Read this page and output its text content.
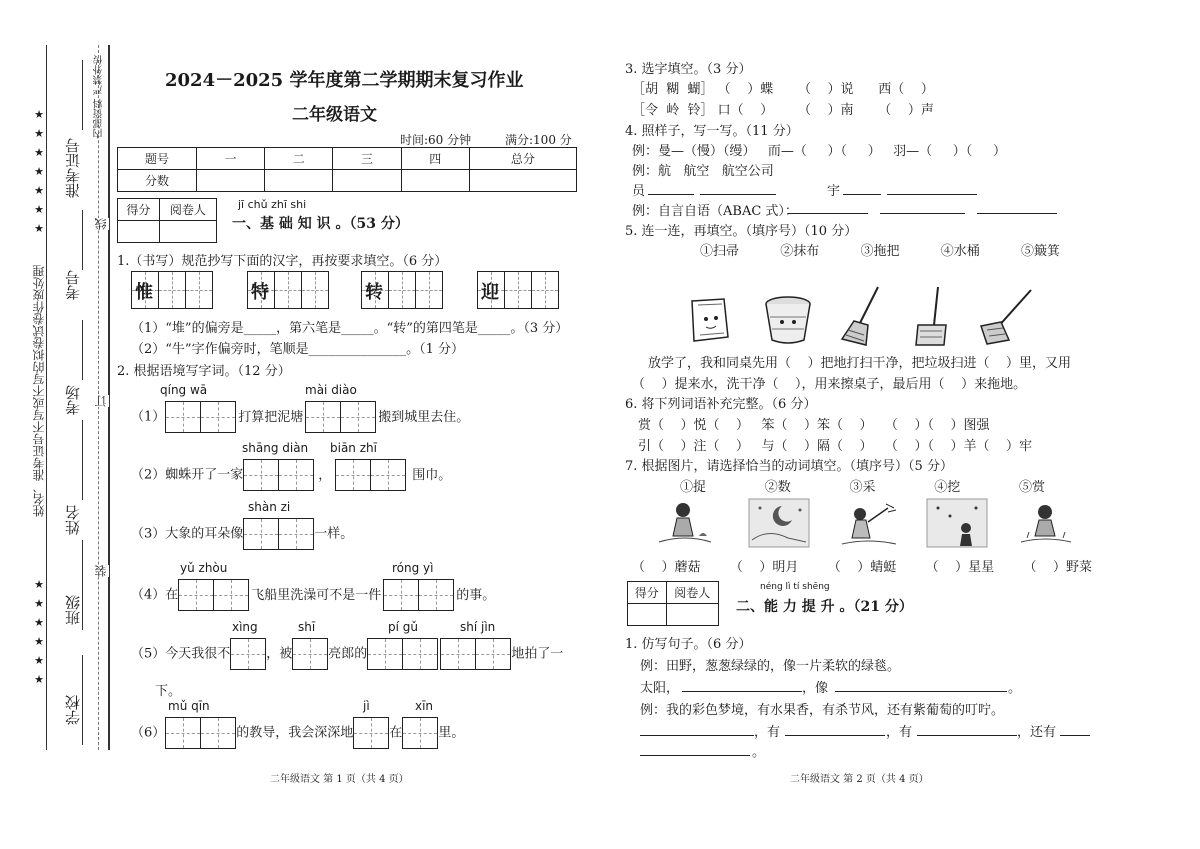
★
★
★
★
★
★
★
★
★
★
★
★
★
姓名、准考证号不写或不写的拟卷试卷作废处理
学校
班级
姓名
考场
考号
准考证号
装
订
线
内部资料 严禁外传	2024－2025 学年度第二学期期末复习作业
二年级语文
时间:60 分钟	满分:100 分
题号	一	二	三	四	总分
分数					
得分	阅卷人
		jī chǔ zhī shi
一、基 础 知 识 。（53 分）
1.（书写）规范抄写下面的汉字，再按要求填空。（6 分）
惟	特	转	迎
（1）“堆”的偏旁是_____，第六笔是_____。“转”的第四笔是_____。（3 分）
（2）“牛”字作偏旁时，笔顺是_______________。（1 分）
2. 根据语境写字词。（12 分）
qíng wā	mài diào
（1）	打算把泥塘	搬到城里去住。
shāng diàn biān zhī
（2）蜘蛛开了一家	，	围巾。
shàn zi
（3）大象的耳朵像	一样。
yǔ zhòu	róng yì
（4）在	飞船里洗澡可不是一件	的事。
xìng	shī	pí gǔ	shí jìn
（5）今天我很不	，被	亮郎的	地拍了一
下。
mǔ qīn	jì	xīn
（6）	的教导，我会深深地	在	里。
二年级语文 第 1 页（共 4 页）
3. 选字填空。（3 分）
［胡  糊  蝴］ （    ）蝶      （    ）说      西（    ）
［令  岭  铃］ 口（    ）      （    ）南      （    ）声
4. 照样子，写一写。（11 分）
例：曼—（慢）（缦）   而—（     ）（     ）   羽—（     ）（     ）
例：航   航空   航空公司
员	宇
例：自言自语（ABAC 式）：
5. 连一连，再填空。（填序号）（10 分）
①扫帚	②抹布	③拖把	④水桶	⑤簸箕
放学了，我和同桌先用（    ）把地打扫干净，把垃圾扫进（    ）里，又用
（    ）提来水，洗干净（    ），用来擦桌子，最后用（    ）来拖地。
6. 将下列词语补充完整。（6 分）
赏（    ）悦（    ）   笨（    ）笨（    ）   （    ）（    ）图强
引（    ）注（    ）   与（    ）隔（    ）   （    ）（    ）羊（    ）牢
7. 根据图片，请选择恰当的动词填空。（填序号）（5 分）
①捉	②数	③采	④挖	⑤赏
（    ）蘑菇 （    ）明月 （    ）蜻蜓 （    ）星星 （    ）野菜
得分	阅卷人
		néng lì tí shēng
二、能 力 提 升 。（21 分）
1. 仿写句子。（6 分）
例：田野，葱葱绿绿的，像一片柔软的绿毯。
太阳，	，像	。
例：我的彩色梦境，有水果香，有杀节风，还有紫葡萄的叮咛。
，有	，有	，还有
。
二年级语文 第 2 页（共 4 页）
